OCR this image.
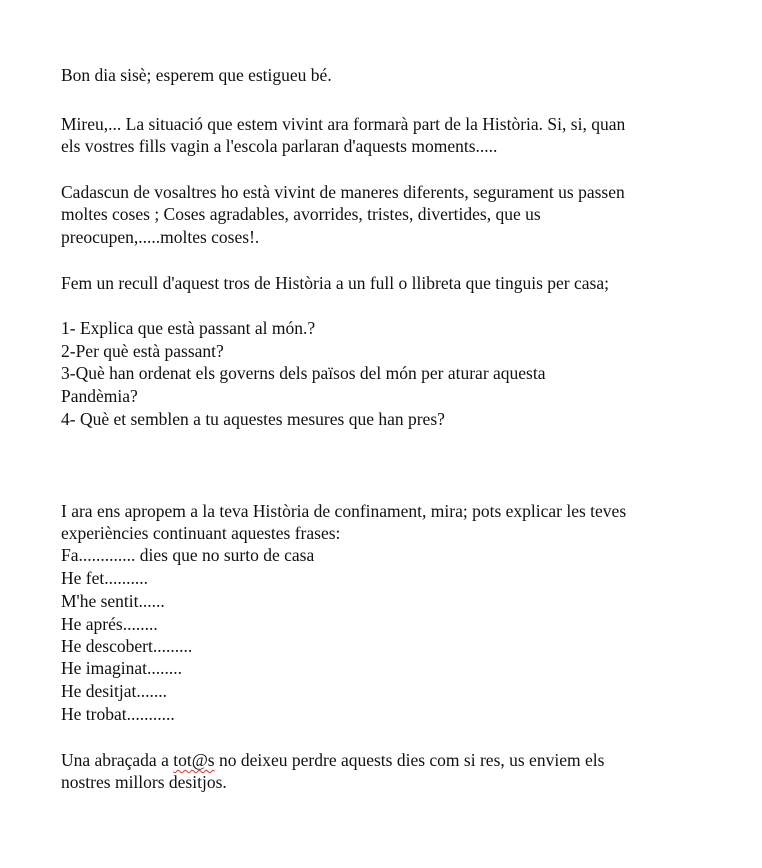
Bon dia sisè; esperem que estigueu bé.
Mireu,... La situació que estem vivint ara formarà part de la Història. Si, si, quan
els vostres fills vagin a l'escola parlaran d'aquests moments.....
Cadascun de vosaltres ho està vivint de maneres diferents, segurament us passen
moltes coses ; Coses agradables, avorrides, tristes, divertides, que us
preocupen,.....moltes coses!.
Fem un recull d'aquest tros de Història a un full o llibreta que tinguis per casa;
1- Explica que està passant al món.?
2-Per què està passant?
3-Què han ordenat els governs dels països del món per aturar aquesta
Pandèmia?
4- Què et semblen a tu aquestes mesures que han pres?
I ara ens apropem a la teva Història de confinament, mira; pots explicar les teves
experiències continuant aquestes frases:
Fa............. dies que no surto de casa
He fet..........
M'he sentit......
He aprés........
He descobert.........
He imaginat........
He desitjat.......
He trobat...........
Una abraçada a tot@s no deixeu perdre aquests dies com si res, us enviem els
nostres millors desitjos.
